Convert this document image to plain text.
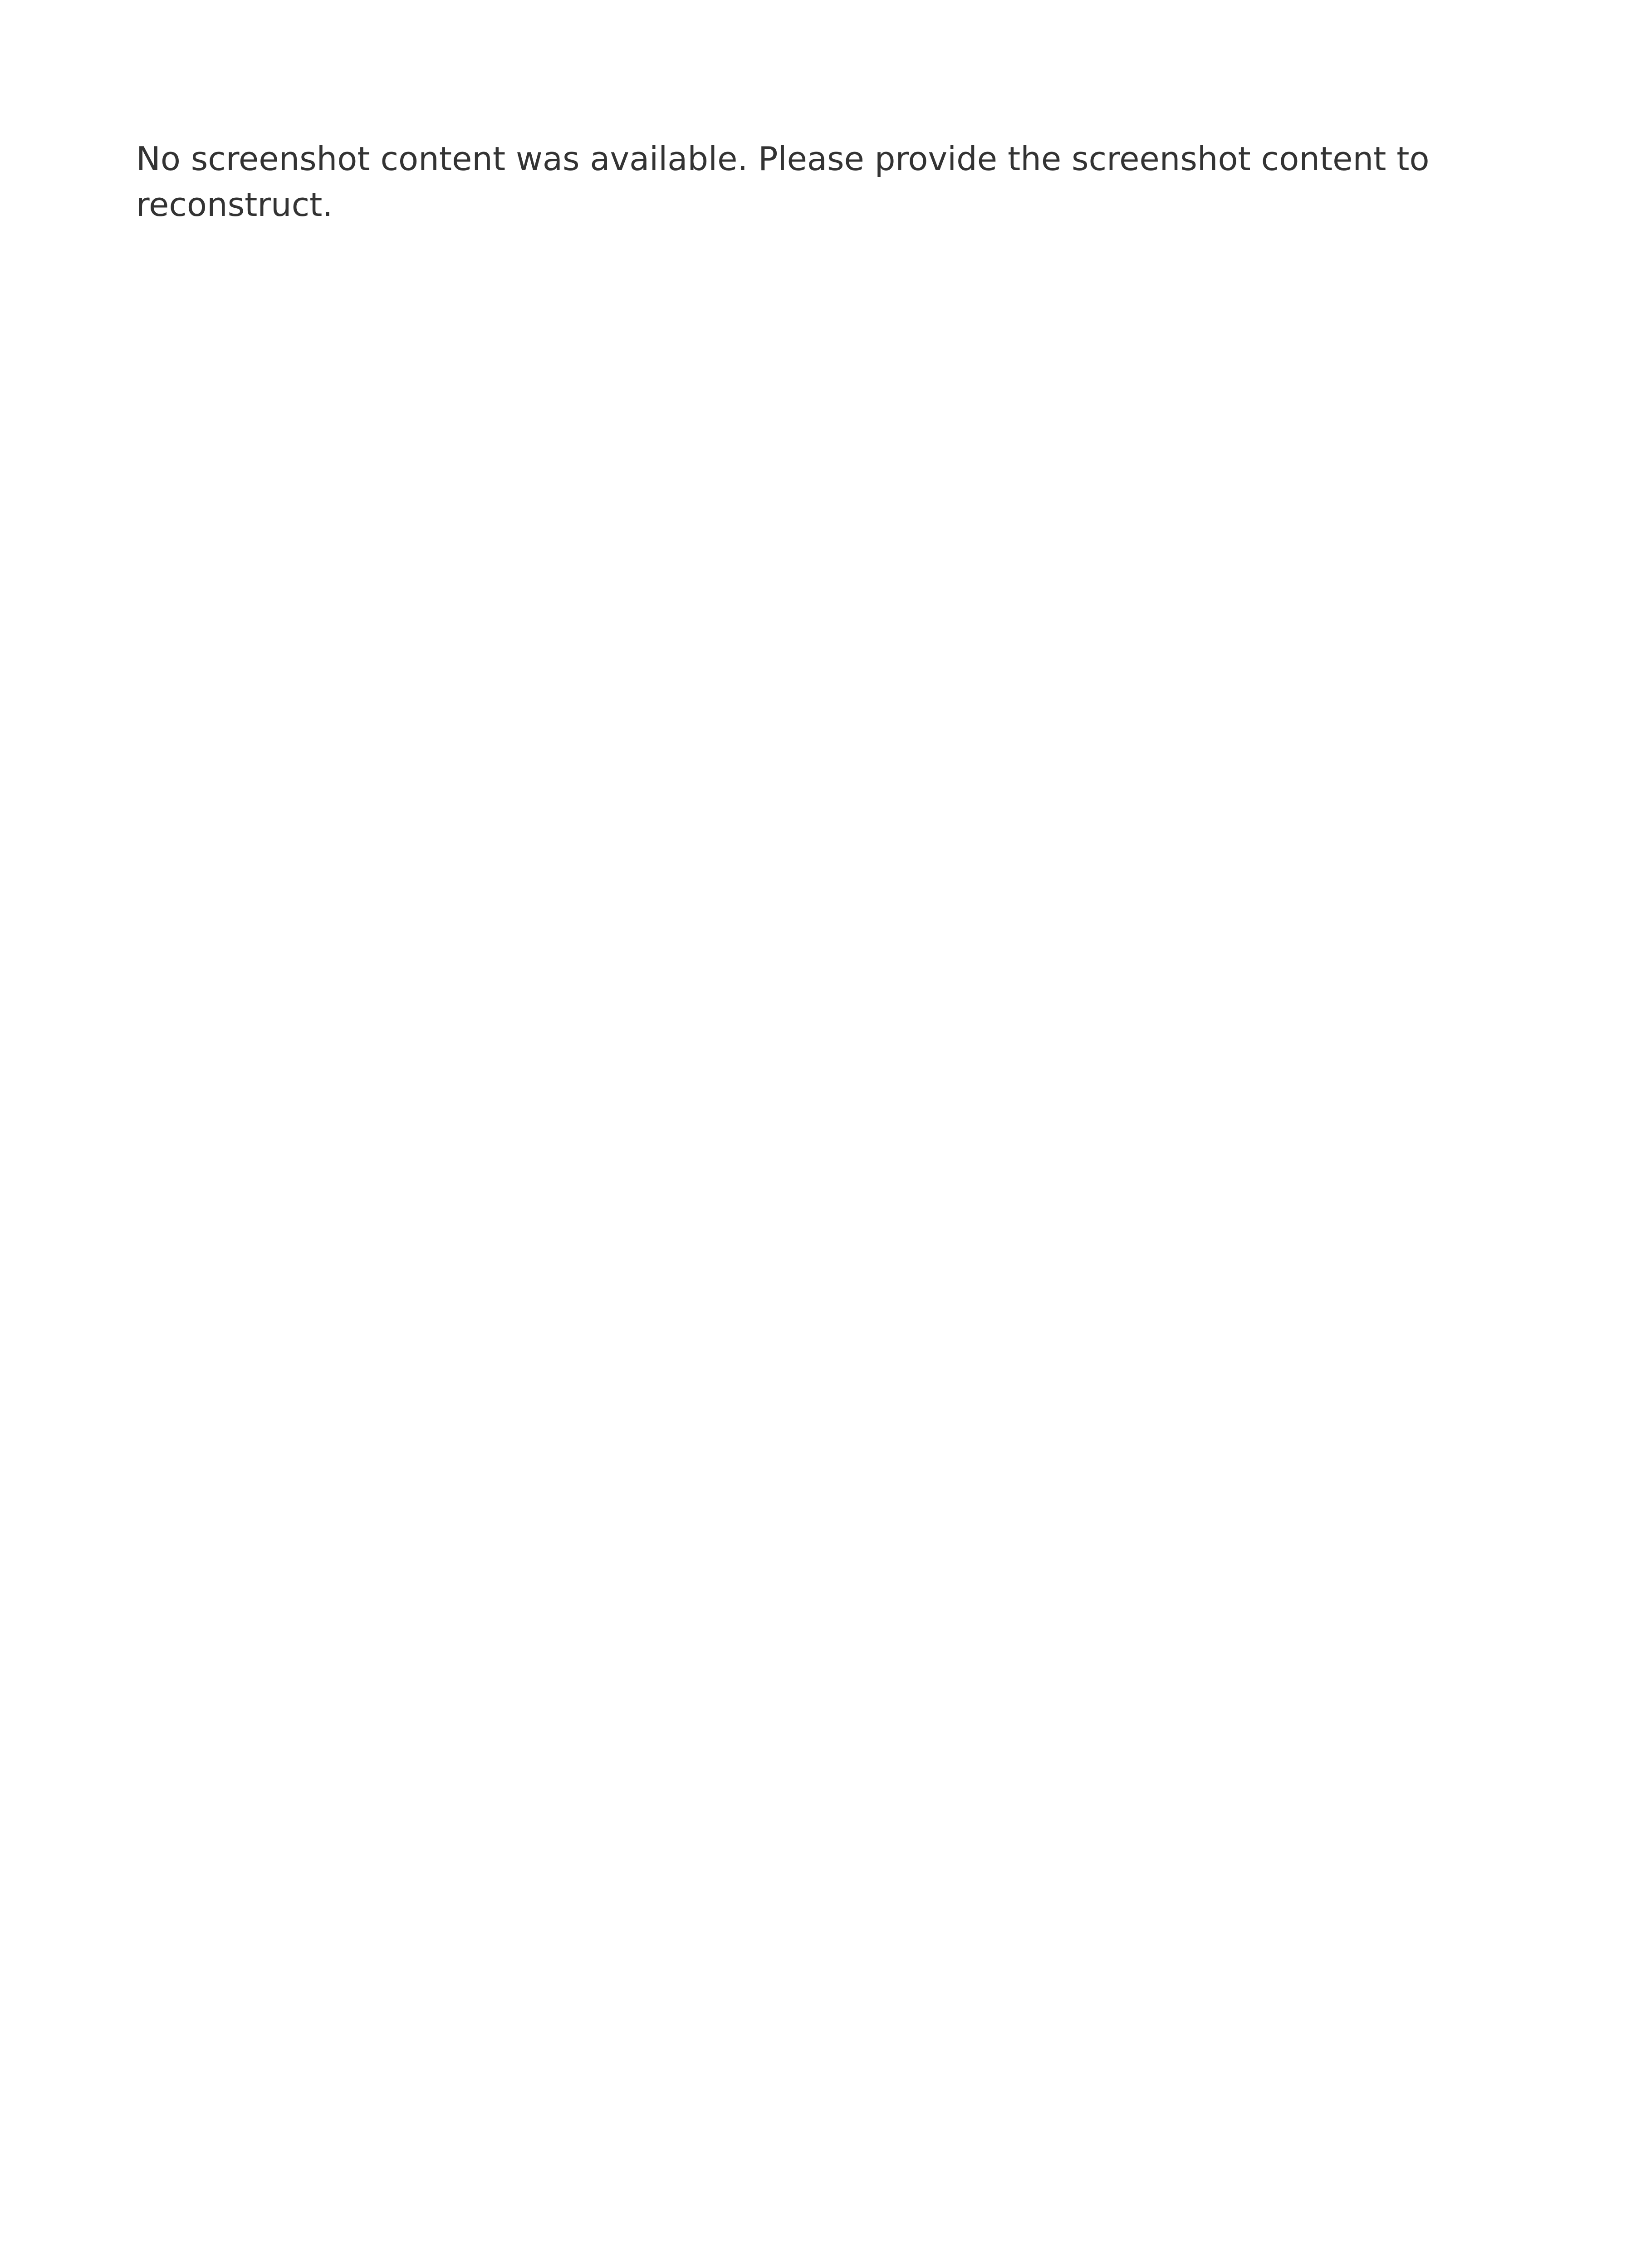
No screenshot content was available. Please provide the screenshot content to reconstruct.
